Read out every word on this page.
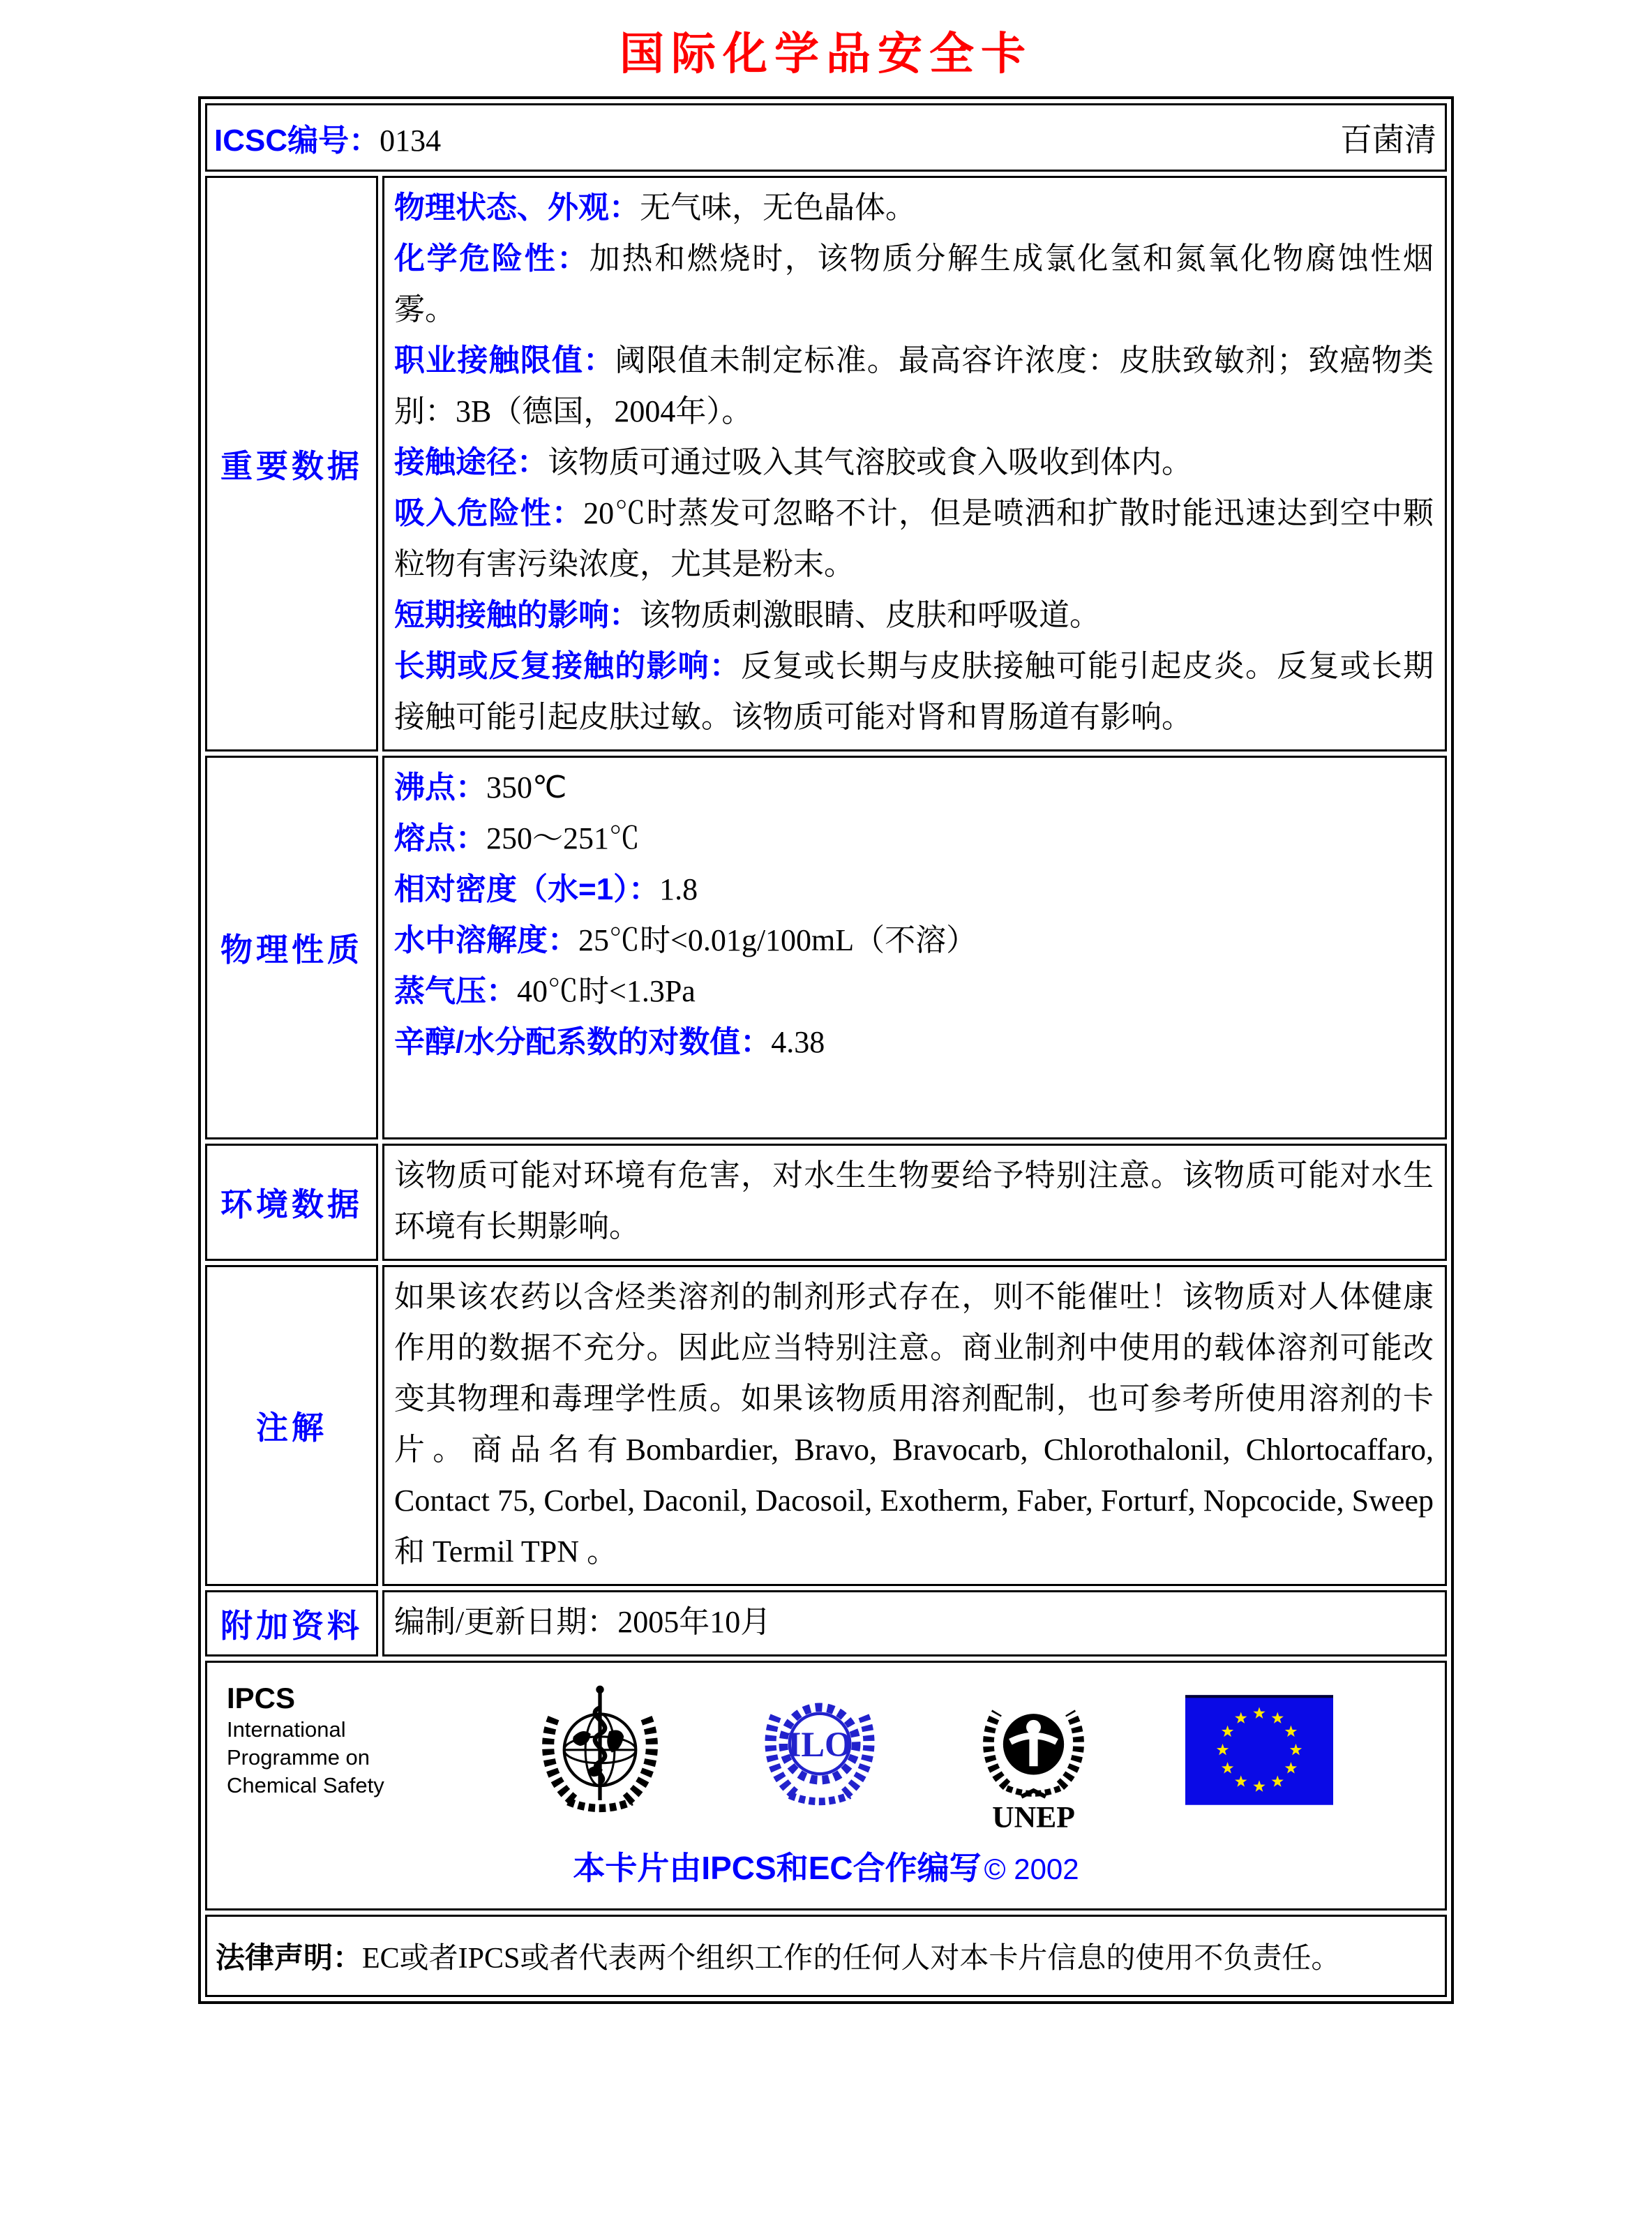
国际化学品安全卡
ICSC编号：0134 百菌清	

重要数据	
物理状态、外观：无气味，无色晶体。
化学危险性：加热和燃烧时，该物质分解生成氯化氢和氮氧化物腐蚀性烟雾。
职业接触限值：阈限值未制定标准。最高容许浓度：皮肤致敏剂；致癌物类别：3B（德国，2004年）。
接触途径：该物质可通过吸入其气溶胶或食入吸收到体内。
吸入危险性：20℃时蒸发可忽略不计，但是喷洒和扩散时能迅速达到空中颗粒物有害污染浓度，尤其是粉末。
短期接触的影响：该物质刺激眼睛、皮肤和呼吸道。
长期或反复接触的影响：反复或长期与皮肤接触可能引起皮炎。反复或长期接触可能引起皮肤过敏。该物质可能对肾和胃肠道有影响。

物理性质	
沸点：350℃
熔点：250～251℃
相对密度（水=1）：1.8
水中溶解度：25℃时<0.01g/100mL（不溶）
蒸气压：40℃时<1.3Pa
辛醇/水分配系数的对数值：4.38

环境数据	该物质可能对环境有危害，对水生生物要给予特别注意。该物质可能对水生环境有长期影响。

注解	如果该农药以含烃类溶剂的制剂形式存在，则不能催吐！该物质对人体健康作用的数据不充分。因此应当特别注意。商业制剂中使用的载体溶剂可能改变其物理和毒理学性质。如果该物质用溶剂配制，也可参考所使用溶剂的卡片。商品名有Bombardier, Bravo, Bravocarb, Chlorothalonil, Chlortocaffaro, Contact 75, Corbel, Daconil, Dacosoil, Exotherm, Faber, Forturf, Nopcocide, Sweep 和 Termil TPN 。

附加资料	编制/更新日期：2005年10月

IPCS
International
Programme on
Chemical Safety
ILO
UNEP
本卡片由IPCS和EC合作编写 © 2002

法律声明：EC或者IPCS或者代表两个组织工作的任何人对本卡片信息的使用不负责任。	
